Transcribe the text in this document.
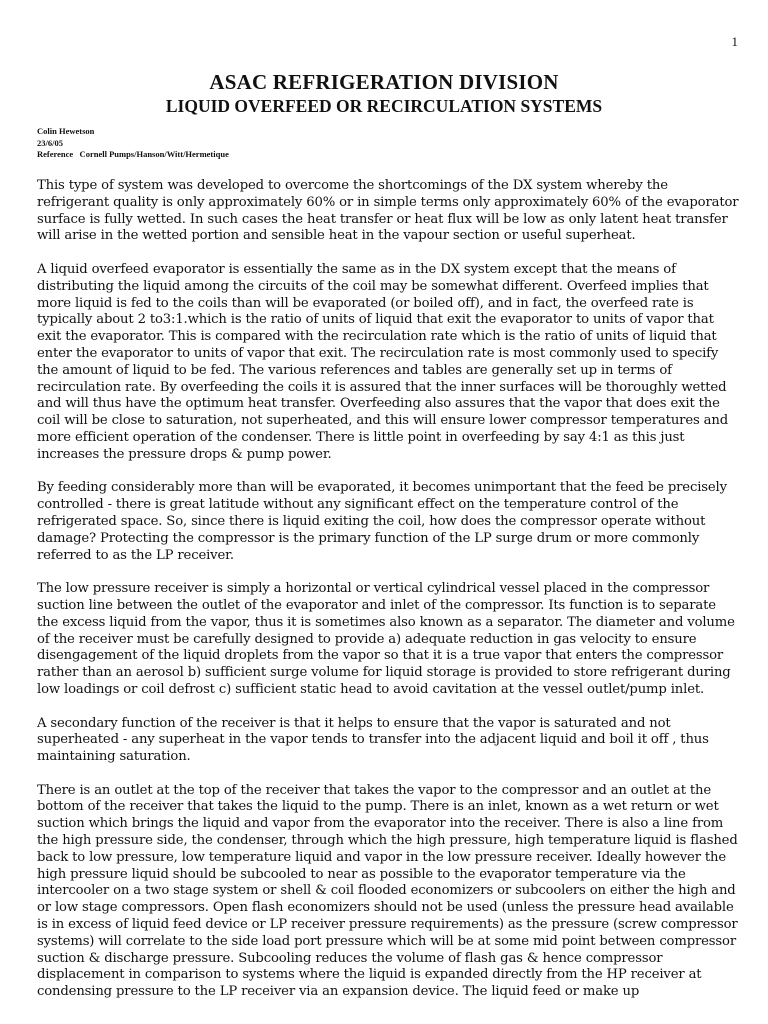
1
ASAC REFRIGERATION DIVISION
LIQUID OVERFEED OR RECIRCULATION SYSTEMS
Colin Hewetson
23/6/05
Reference   Cornell Pumps/Hanson/Witt/Hermetique

This type of system was developed to overcome the shortcomings of the DX system whereby the refrigerant quality is only approximately 60% or in simple terms only approximately 60% of the evaporator surface is fully wetted. In such cases the heat transfer or heat flux will be low as only latent heat transfer will arise in the wetted portion and sensible heat in the vapour section or useful superheat.

A liquid overfeed evaporator is essentially the same as in the DX system except that the means of distributing the liquid among the circuits of the coil may be somewhat different. Overfeed implies that more liquid is fed to the coils than will be evaporated (or boiled off), and in fact, the overfeed rate is typically about 2 to3:1.which is the ratio of units of liquid that exit the evaporator to units of vapor that exit the evaporator. This is compared with the recirculation rate which is the ratio of units of liquid that enter the evaporator to units of vapor that exit. The recirculation rate is most commonly used to specify the amount of liquid to be fed. The various references and tables are generally set up in terms of recirculation rate. By overfeeding the coils it is assured that the inner surfaces will be thoroughly wetted and will thus have the optimum heat transfer. Overfeeding also assures that the vapor that does exit the coil will be close to saturation, not superheated, and this will ensure lower compressor temperatures and more efficient operation of the condenser. There is little point in overfeeding by say 4:1 as this just increases the pressure drops & pump power.

By feeding considerably more than will be evaporated, it becomes unimportant that the feed be precisely controlled - there is great latitude without any significant effect on the temperature control of the refrigerated space. So, since there is liquid exiting the coil, how does the compressor operate without damage? Protecting the compressor is the primary function of the LP surge drum or more commonly referred to as the LP receiver.

The low pressure receiver is simply a horizontal or vertical cylindrical vessel placed in the compressor suction line between the outlet of the evaporator and inlet of the compressor. Its function is to separate the excess liquid from the vapor, thus it is sometimes also known as a separator. The diameter and volume of the receiver must be carefully designed to provide a) adequate reduction in gas velocity to ensure disengagement of the liquid droplets from the vapor so that it is a true vapor that enters the compressor rather than an aerosol b) sufficient surge volume for liquid storage is provided to store refrigerant during low loadings or coil defrost c) sufficient static head to avoid cavitation at the vessel outlet/pump inlet.

A secondary function of the receiver is that it helps to ensure that the vapor is saturated and not superheated - any superheat in the vapor tends to transfer into the adjacent liquid and boil it off , thus maintaining saturation.

There is an outlet at the top of the receiver that takes the vapor to the compressor and an outlet at the bottom of the receiver that takes the liquid to the pump. There is an inlet, known as a wet return or wet suction which brings the liquid and vapor from the evaporator into the receiver. There is also a line from the high pressure side, the condenser, through which the high pressure, high temperature liquid is flashed back to low pressure, low temperature liquid and vapor in the low pressure receiver. Ideally however the high pressure liquid should be subcooled to near as possible to the evaporator temperature via the intercooler on a two stage system or shell & coil flooded economizers or subcoolers on either the high and or low stage compressors. Open flash economizers should not be used (unless the pressure head available is in excess of liquid feed device or LP receiver pressure requirements) as the pressure (screw compressor systems) will correlate to the side load port pressure which will be at some mid point between compressor suction & discharge pressure. Subcooling reduces the volume of flash gas & hence compressor displacement in comparison to systems where the liquid is expanded directly from the HP receiver at condensing pressure to the LP receiver via an expansion device. The liquid feed or make up
